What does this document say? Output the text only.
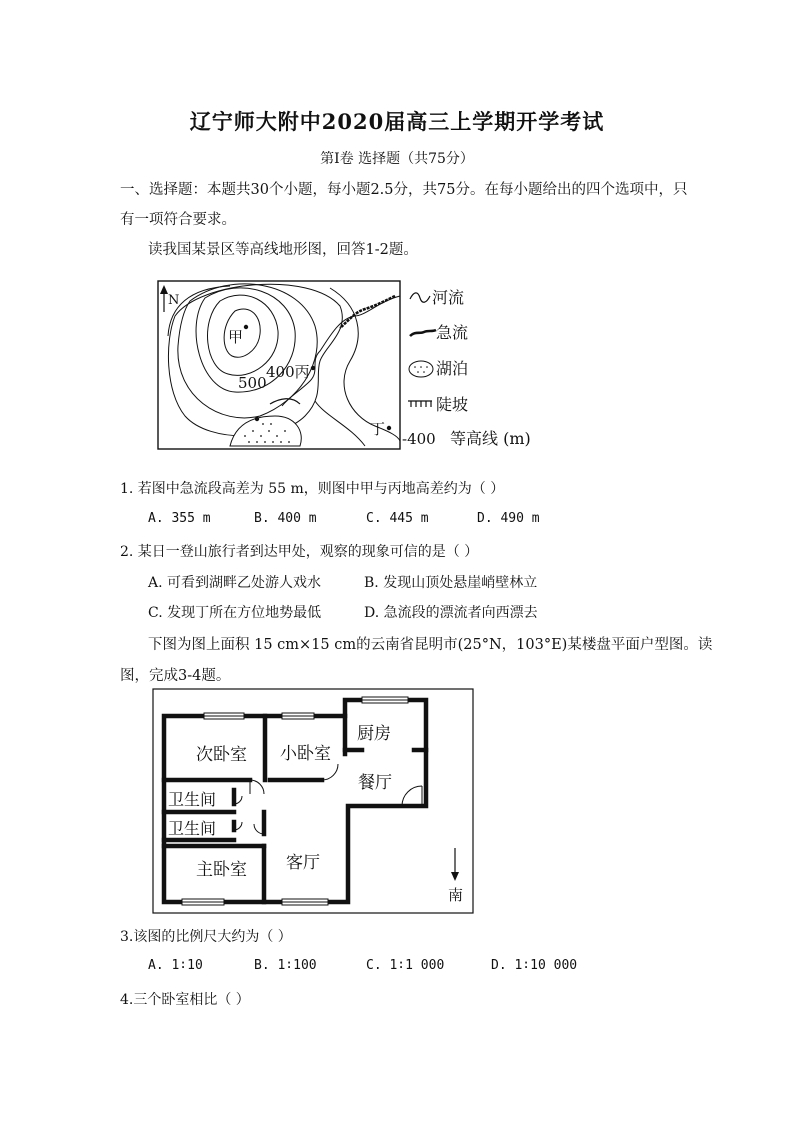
辽宁师大附中2020届高三上学期开学考试
第Ⅰ卷 选择题（共75分）
一、选择题：本题共30个小题，每小题2.5分，共75分。在每小题给出的四个选项中，只
有一项符合要求。
读我国某景区等高线地形图，回答1-2题。
N
甲
400丙
500
丁
河流
急流
湖泊
陡坡
-400 等高线 (m)
1. 若图中急流段高差为 55 m，则图中甲与丙地高差约为（ ）
A. 355 m	B. 400 m	C. 445 m	D. 490 m
2. 某日一登山旅行者到达甲处，观察的现象可信的是（ ）
A. 可看到湖畔乙处游人戏水	B. 发现山顶处悬崖峭壁林立
C. 发现丁所在方位地势最低	D. 急流段的漂流者向西漂去
下图为图上面积 15 cm×15 cm的云南省昆明市(25°N，103°E)某楼盘平面户型图。读
图，完成3-4题。
次卧室 小卧室
厨房
餐厅
卫生间
卫生间
主卧室 客厅
南
3.该图的比例尺大约为（ ）
A. 1∶10	B. 1∶100	C. 1∶1 000	D. 1∶10 000
4.三个卧室相比（ ）
